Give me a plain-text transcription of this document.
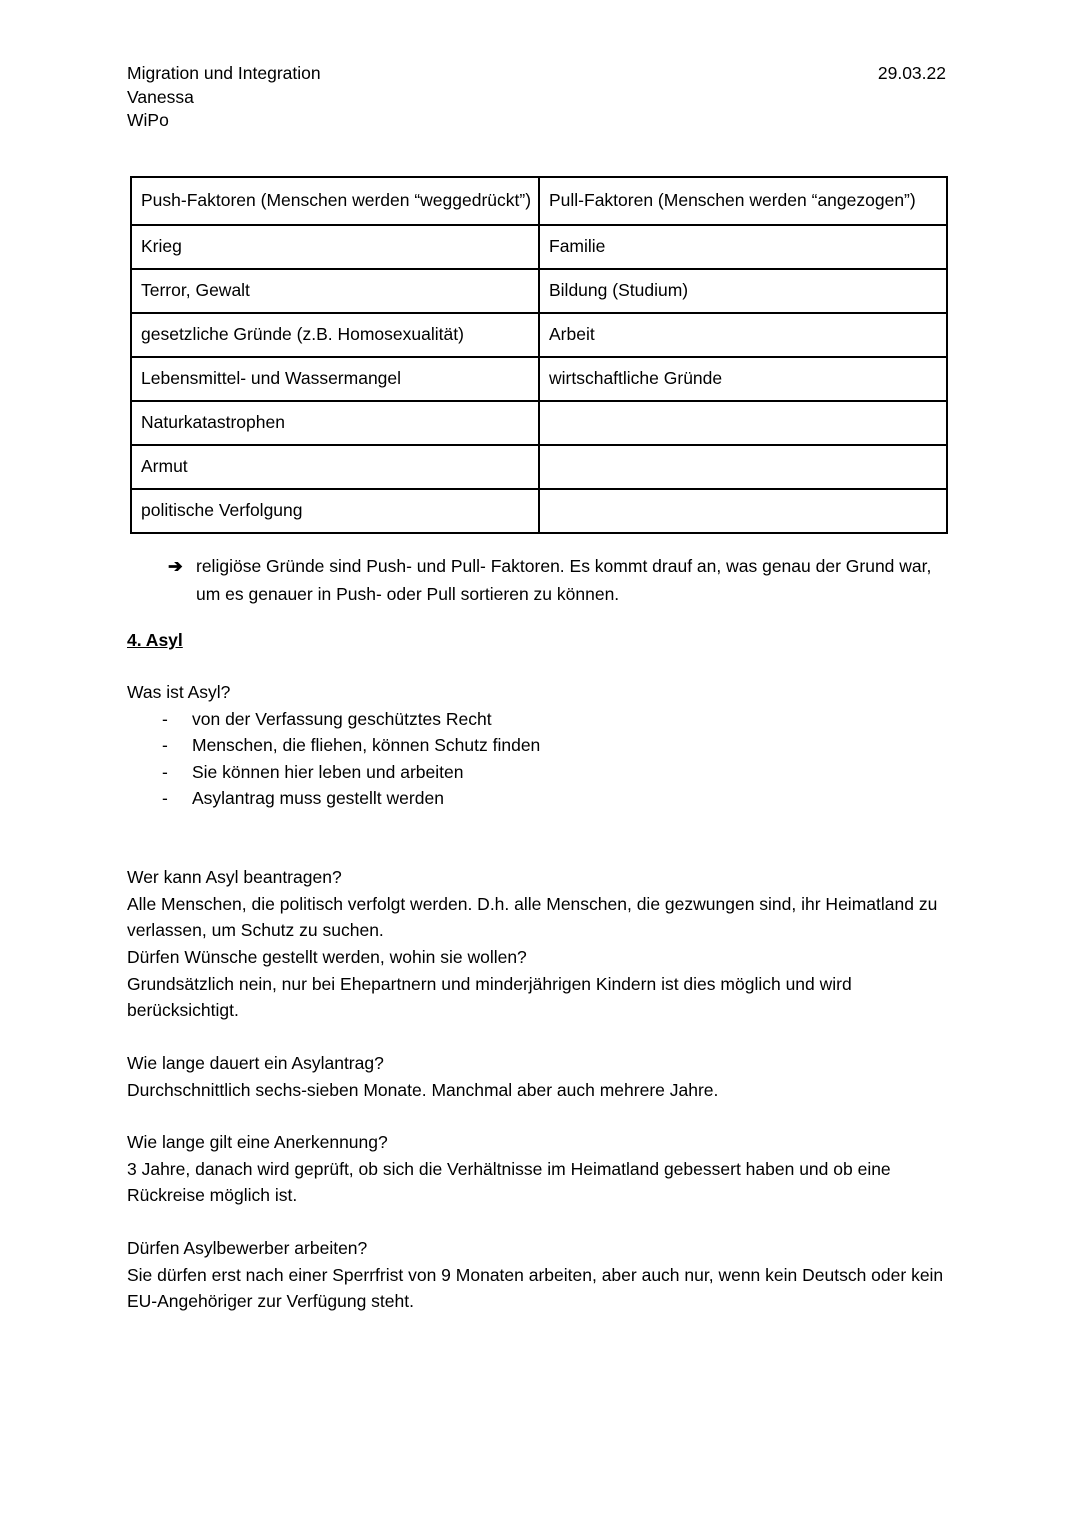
Migration und Integration	29.03.22
Vanessa
WiPo
Push-Faktoren (Menschen werden “weggedrückt”)	Pull-Faktoren (Menschen werden “angezogen”)
Krieg	Familie
Terror, Gewalt	Bildung (Studium)
gesetzliche Gründe (z.B. Homosexualität)	Arbeit
Lebensmittel- und Wassermangel	wirtschaftliche Gründe
Naturkatastrophen	
Armut	
politische Verfolgung	
➔ religiöse Gründe sind Push- und Pull- Faktoren. Es kommt drauf an, was genau der Grund war, um es genauer in Push- oder Pull sortieren zu können.
4. Asyl
Was ist Asyl?
-	von der Verfassung geschütztes Recht
-	Menschen, die fliehen, können Schutz finden
-	Sie können hier leben und arbeiten
-	Asylantrag muss gestellt werden
Wer kann Asyl beantragen?
Alle Menschen, die politisch verfolgt werden. D.h. alle Menschen, die gezwungen sind, ihr Heimatland zu verlassen, um Schutz zu suchen.
Dürfen Wünsche gestellt werden, wohin sie wollen?
Grundsätzlich nein, nur bei Ehepartnern und minderjährigen Kindern ist dies möglich und wird berücksichtigt.
Wie lange dauert ein Asylantrag?
Durchschnittlich sechs-sieben Monate. Manchmal aber auch mehrere Jahre.
Wie lange gilt eine Anerkennung?
3 Jahre, danach wird geprüft, ob sich die Verhältnisse im Heimatland gebessert haben und ob eine Rückreise möglich ist.
Dürfen Asylbewerber arbeiten?
Sie dürfen erst nach einer Sperrfrist von 9 Monaten arbeiten, aber auch nur, wenn kein Deutsch oder kein EU-Angehöriger zur Verfügung steht.
